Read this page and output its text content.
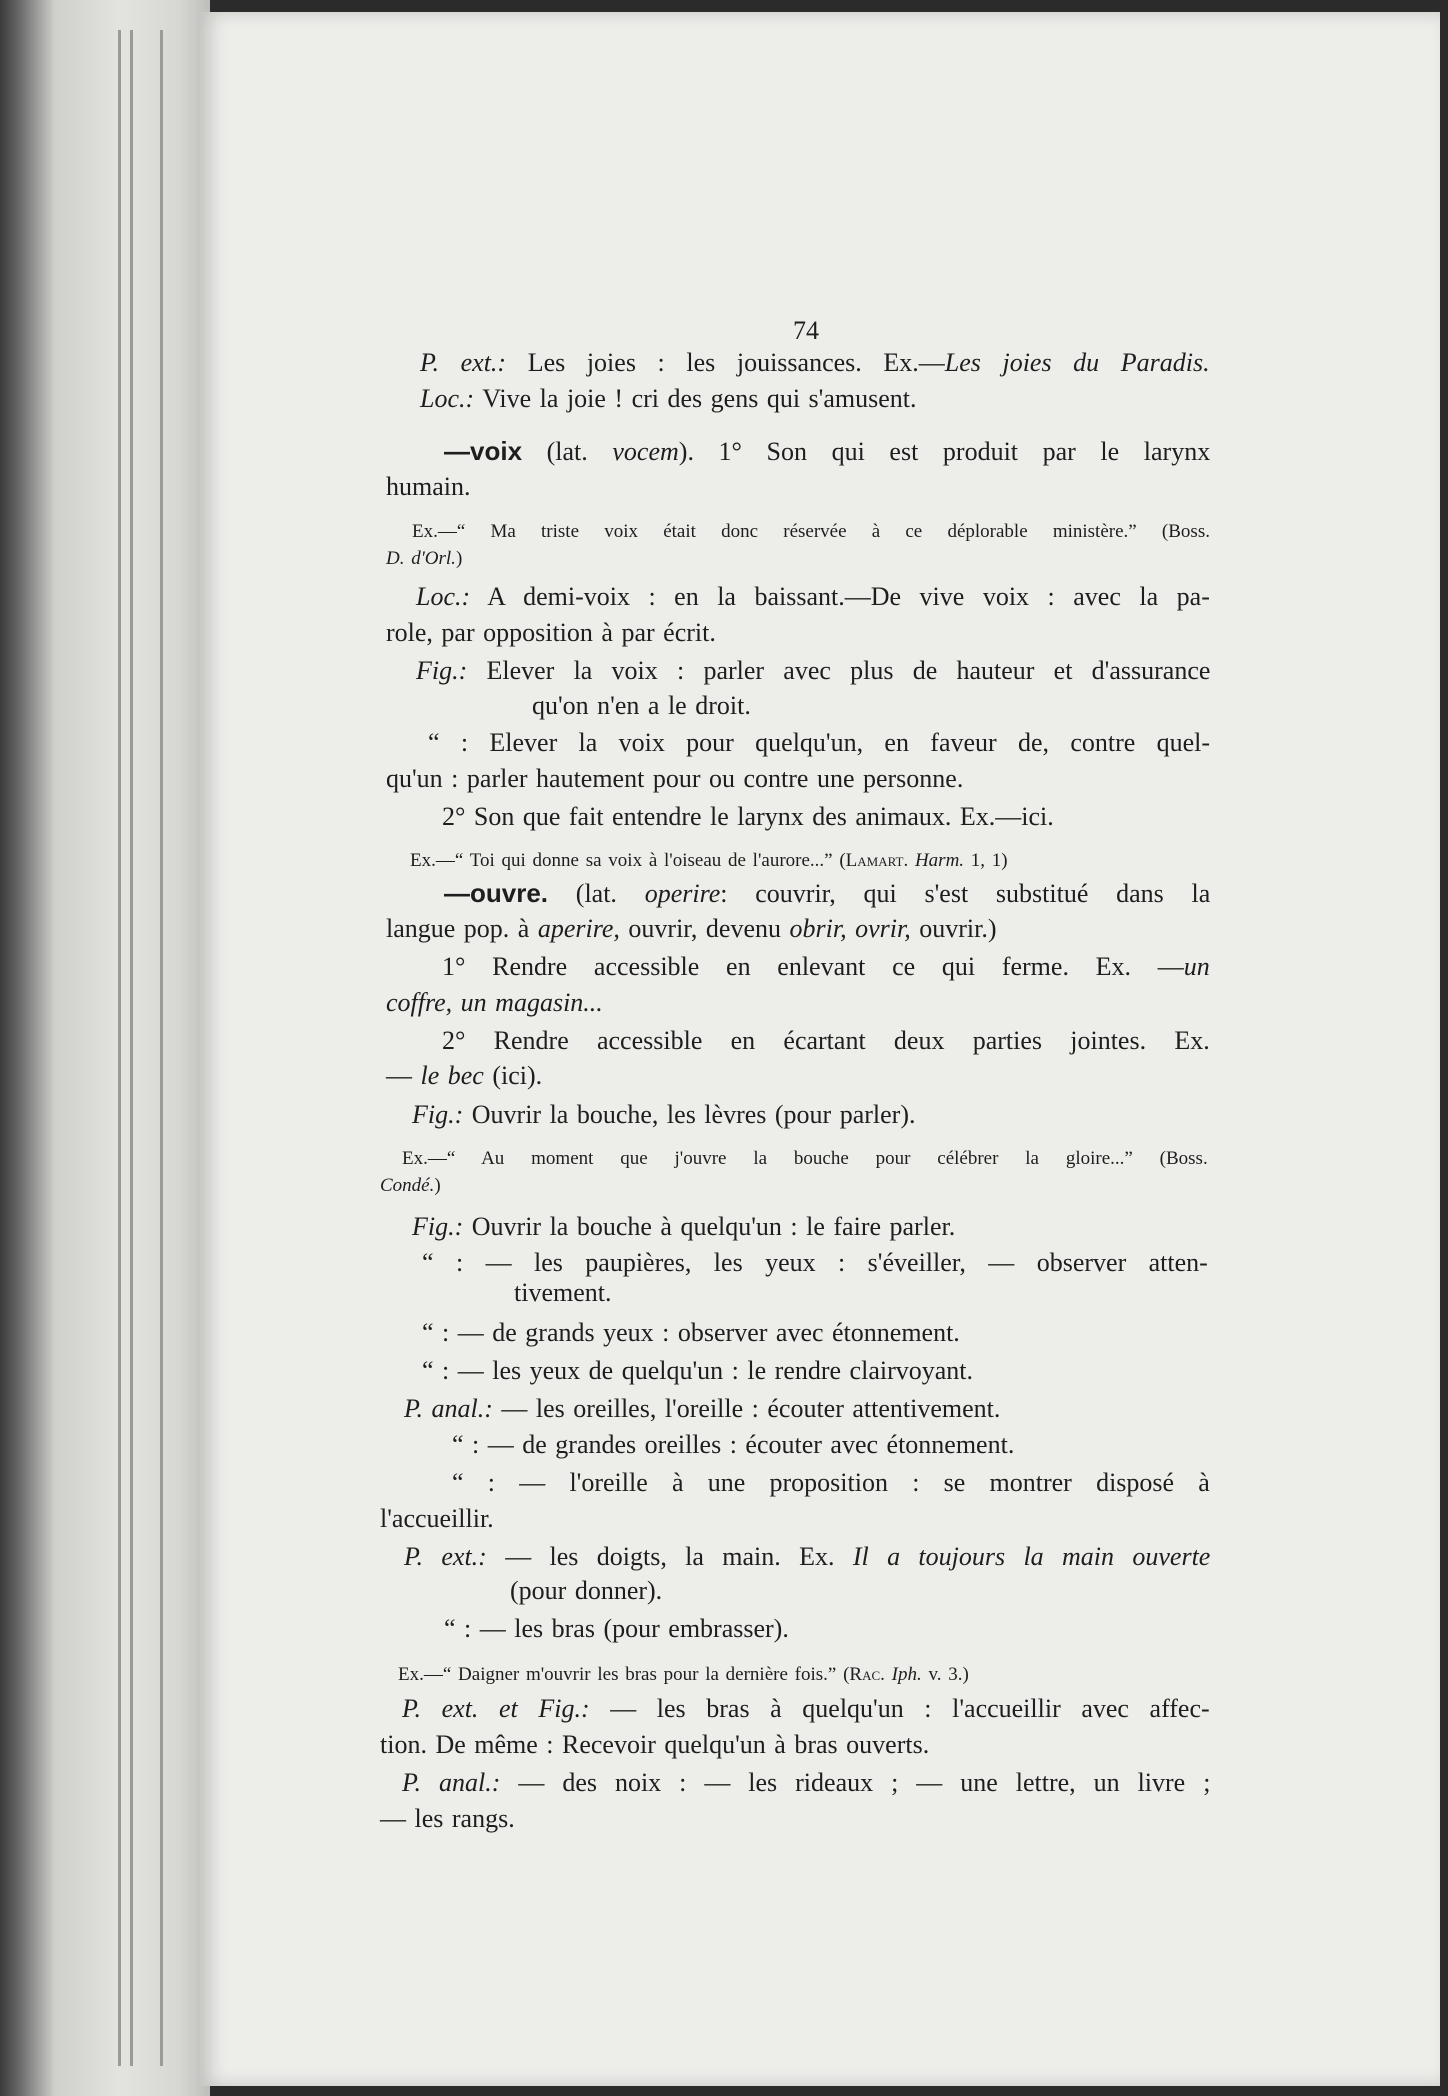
74
P. ext.: Les joies : les jouissances. Ex.—Les joies du Paradis.
Loc.: Vive la joie ! cri des gens qui s'amusent.
—voix (lat. vocem). 1° Son qui est produit par le larynx
humain.
Ex.—“ Ma triste voix était donc réservée à ce déplorable ministère.” (Boss.
D. d'Orl.)
Loc.: A demi-voix : en la baissant.—De vive voix : avec la pa-
role, par opposition à par écrit.
Fig.: Elever la voix : parler avec plus de hauteur et d'assurance
qu'on n'en a le droit.
“ : Elever la voix pour quelqu'un, en faveur de, contre quel-
qu'un : parler hautement pour ou contre une personne.
2° Son que fait entendre le larynx des animaux. Ex.—ici.
Ex.—“ Toi qui donne sa voix à l'oiseau de l'aurore...” (Lamart. Harm. 1, 1)
—ouvre. (lat. operire: couvrir, qui s'est substitué dans la
langue pop. à aperire, ouvrir, devenu obrir, ovrir, ouvrir.)
1° Rendre accessible en enlevant ce qui ferme. Ex. —un
coffre, un magasin...
2° Rendre accessible en écartant deux parties jointes. Ex.
— le bec (ici).
Fig.: Ouvrir la bouche, les lèvres (pour parler).
Ex.—“ Au moment que j'ouvre la bouche pour célébrer la gloire...” (Boss.
Condé.)
Fig.: Ouvrir la bouche à quelqu'un : le faire parler.
“ : — les paupières, les yeux : s'éveiller, — observer atten-
tivement.
“ : — de grands yeux : observer avec étonnement.
“ : — les yeux de quelqu'un : le rendre clairvoyant.
P. anal.: — les oreilles, l'oreille : écouter attentivement.
“ : — de grandes oreilles : écouter avec étonnement.
“ : — l'oreille à une proposition : se montrer disposé à
l'accueillir.
P. ext.: — les doigts, la main. Ex. Il a toujours la main ouverte
(pour donner).
“ : — les bras (pour embrasser).
Ex.—“ Daigner m'ouvrir les bras pour la dernière fois.” (Rac. Iph. v. 3.)
P. ext. et Fig.: — les bras à quelqu'un : l'accueillir avec affec-
tion. De même : Recevoir quelqu'un à bras ouverts.
P. anal.: — des noix : — les rideaux ; — une lettre, un livre ;
— les rangs.
